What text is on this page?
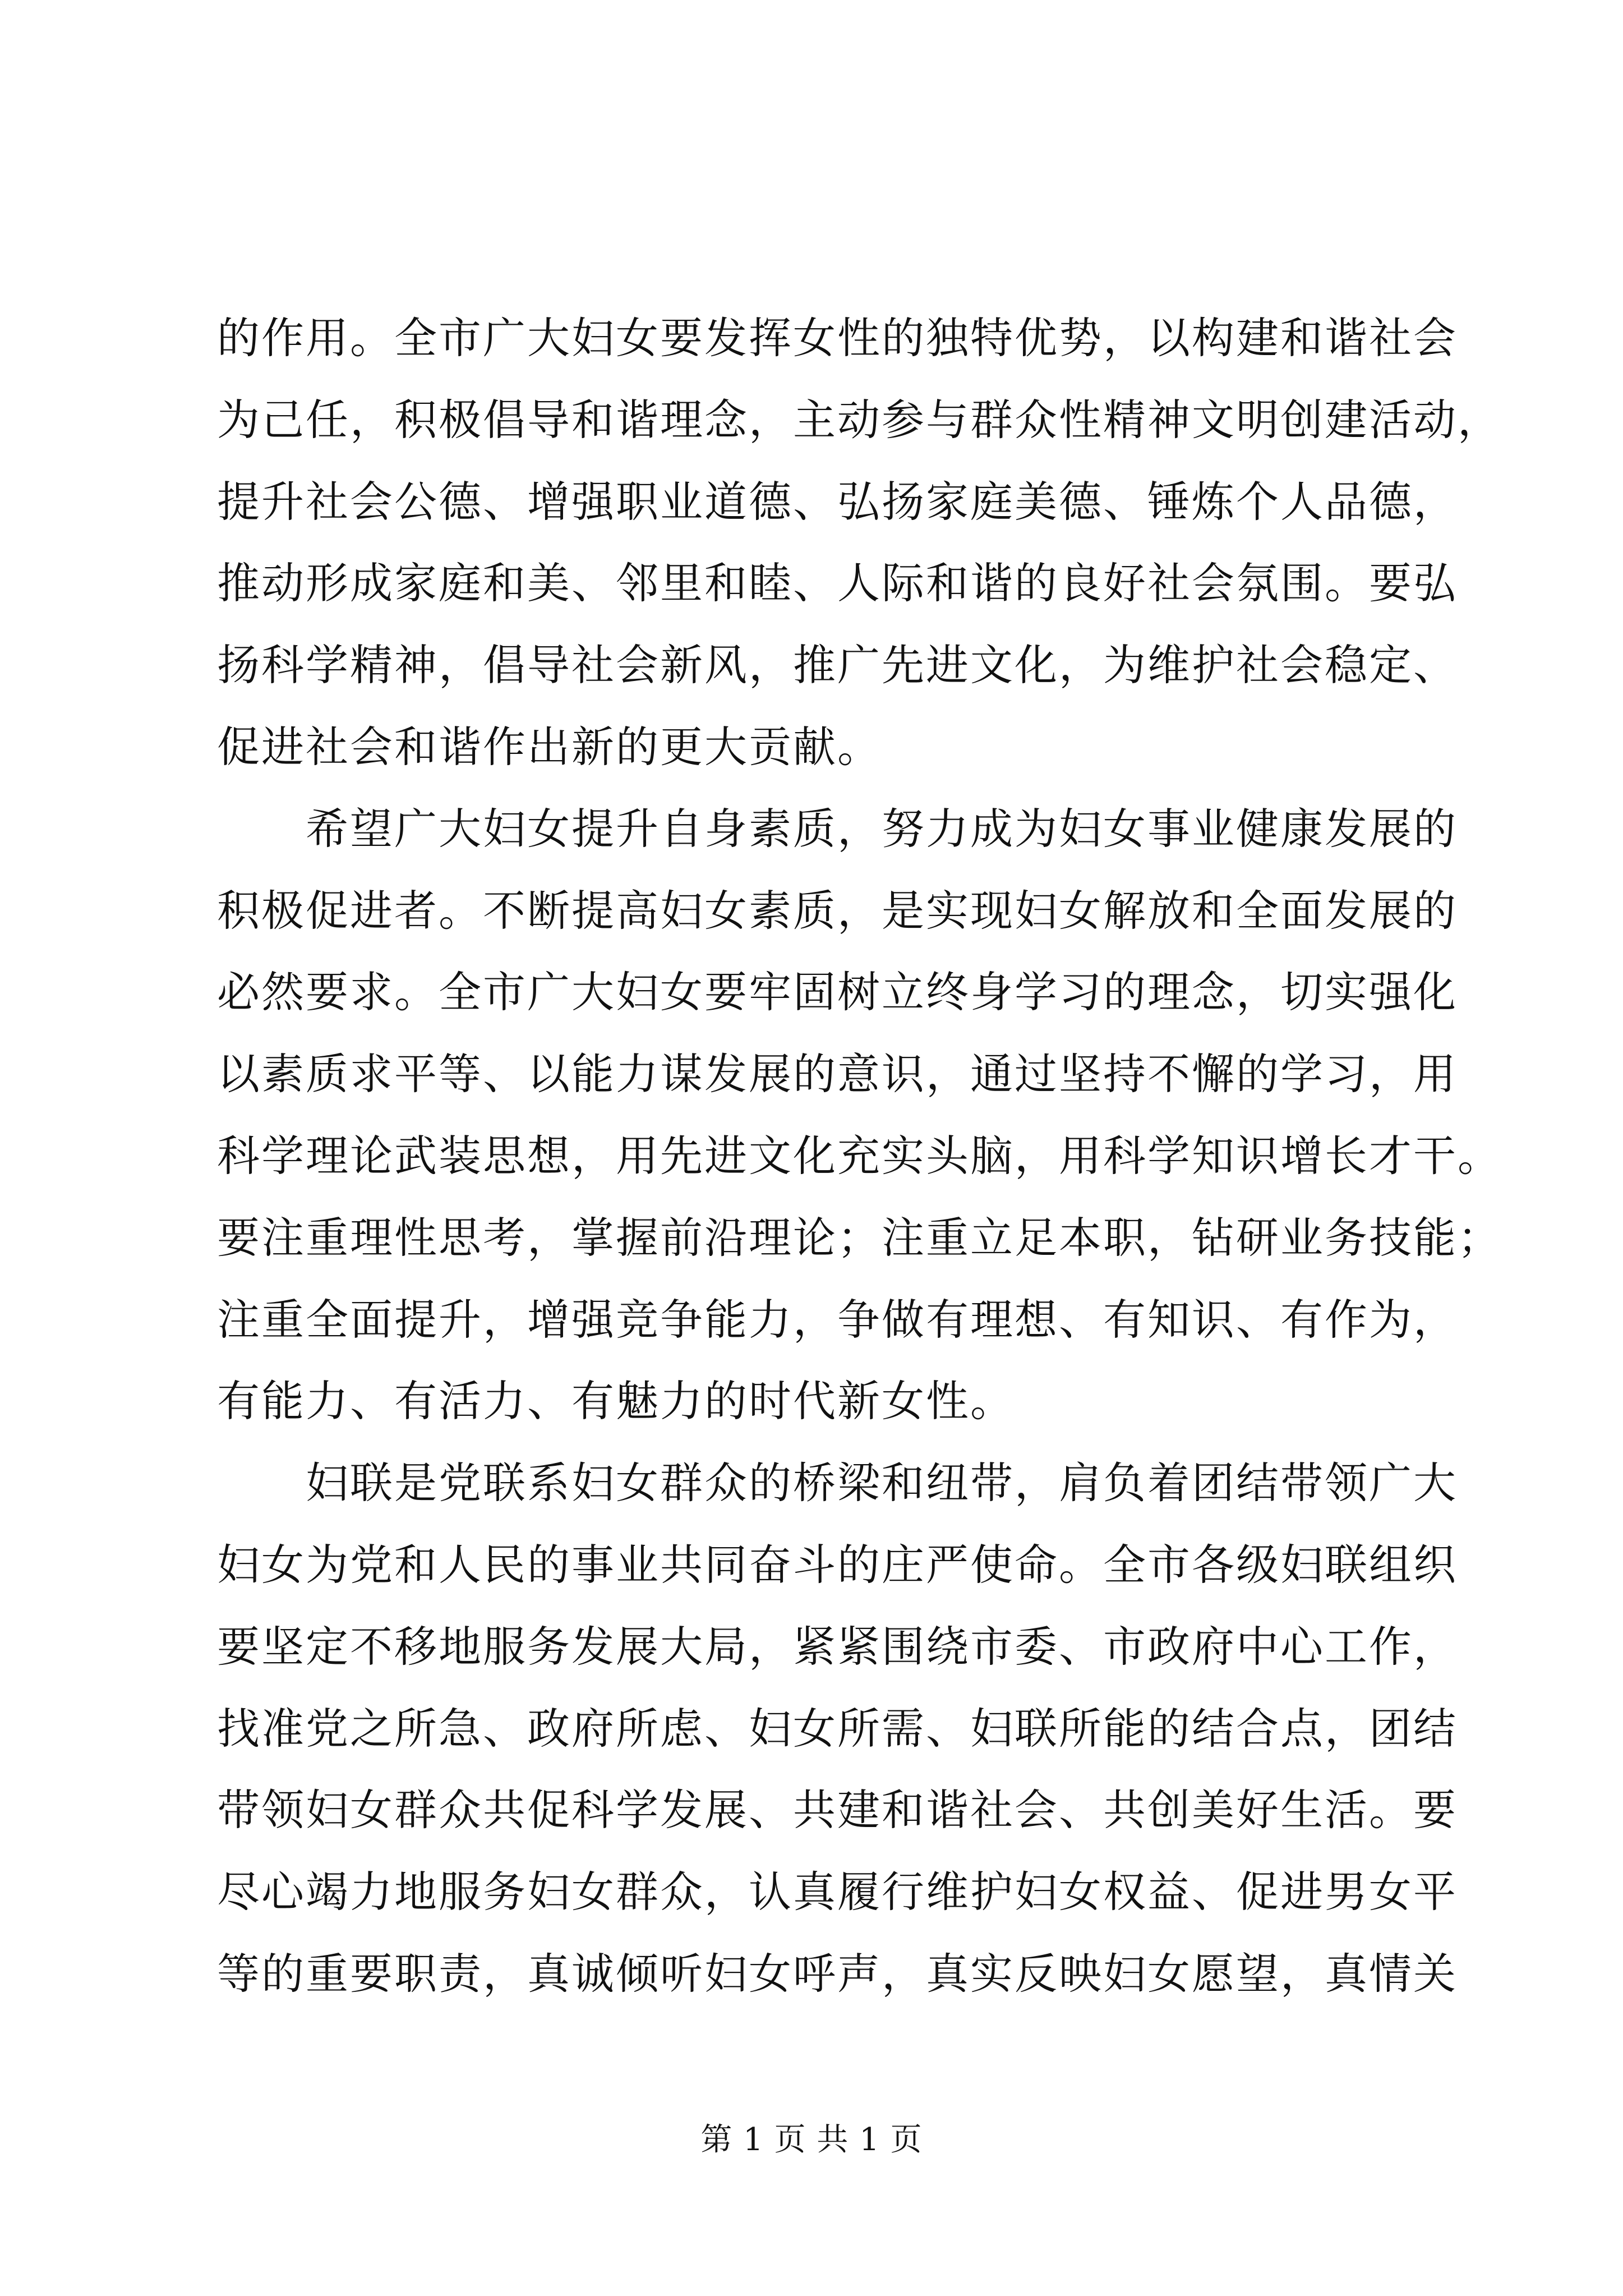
的作用。全市广大妇女要发挥女性的独特优势，以构建和谐社会
为己任，积极倡导和谐理念，主动参与群众性精神文明创建活动，
提升社会公德、增强职业道德、弘扬家庭美德、锤炼个人品德，
推动形成家庭和美、邻里和睦、人际和谐的良好社会氛围。要弘
扬科学精神，倡导社会新风，推广先进文化，为维护社会稳定、
促进社会和谐作出新的更大贡献。
　　希望广大妇女提升自身素质，努力成为妇女事业健康发展的
积极促进者。不断提高妇女素质，是实现妇女解放和全面发展的
必然要求。全市广大妇女要牢固树立终身学习的理念，切实强化
以素质求平等、以能力谋发展的意识，通过坚持不懈的学习，用
科学理论武装思想，用先进文化充实头脑，用科学知识增长才干。
要注重理性思考，掌握前沿理论；注重立足本职，钻研业务技能；
注重全面提升，增强竞争能力，争做有理想、有知识、有作为，
有能力、有活力、有魅力的时代新女性。
　　妇联是党联系妇女群众的桥梁和纽带，肩负着团结带领广大
妇女为党和人民的事业共同奋斗的庄严使命。全市各级妇联组织
要坚定不移地服务发展大局，紧紧围绕市委、市政府中心工作，
找准党之所急、政府所虑、妇女所需、妇联所能的结合点，团结
带领妇女群众共促科学发展、共建和谐社会、共创美好生活。要
尽心竭力地服务妇女群众，认真履行维护妇女权益、促进男女平
等的重要职责，真诚倾听妇女呼声，真实反映妇女愿望，真情关
第 1 页 共 1 页
